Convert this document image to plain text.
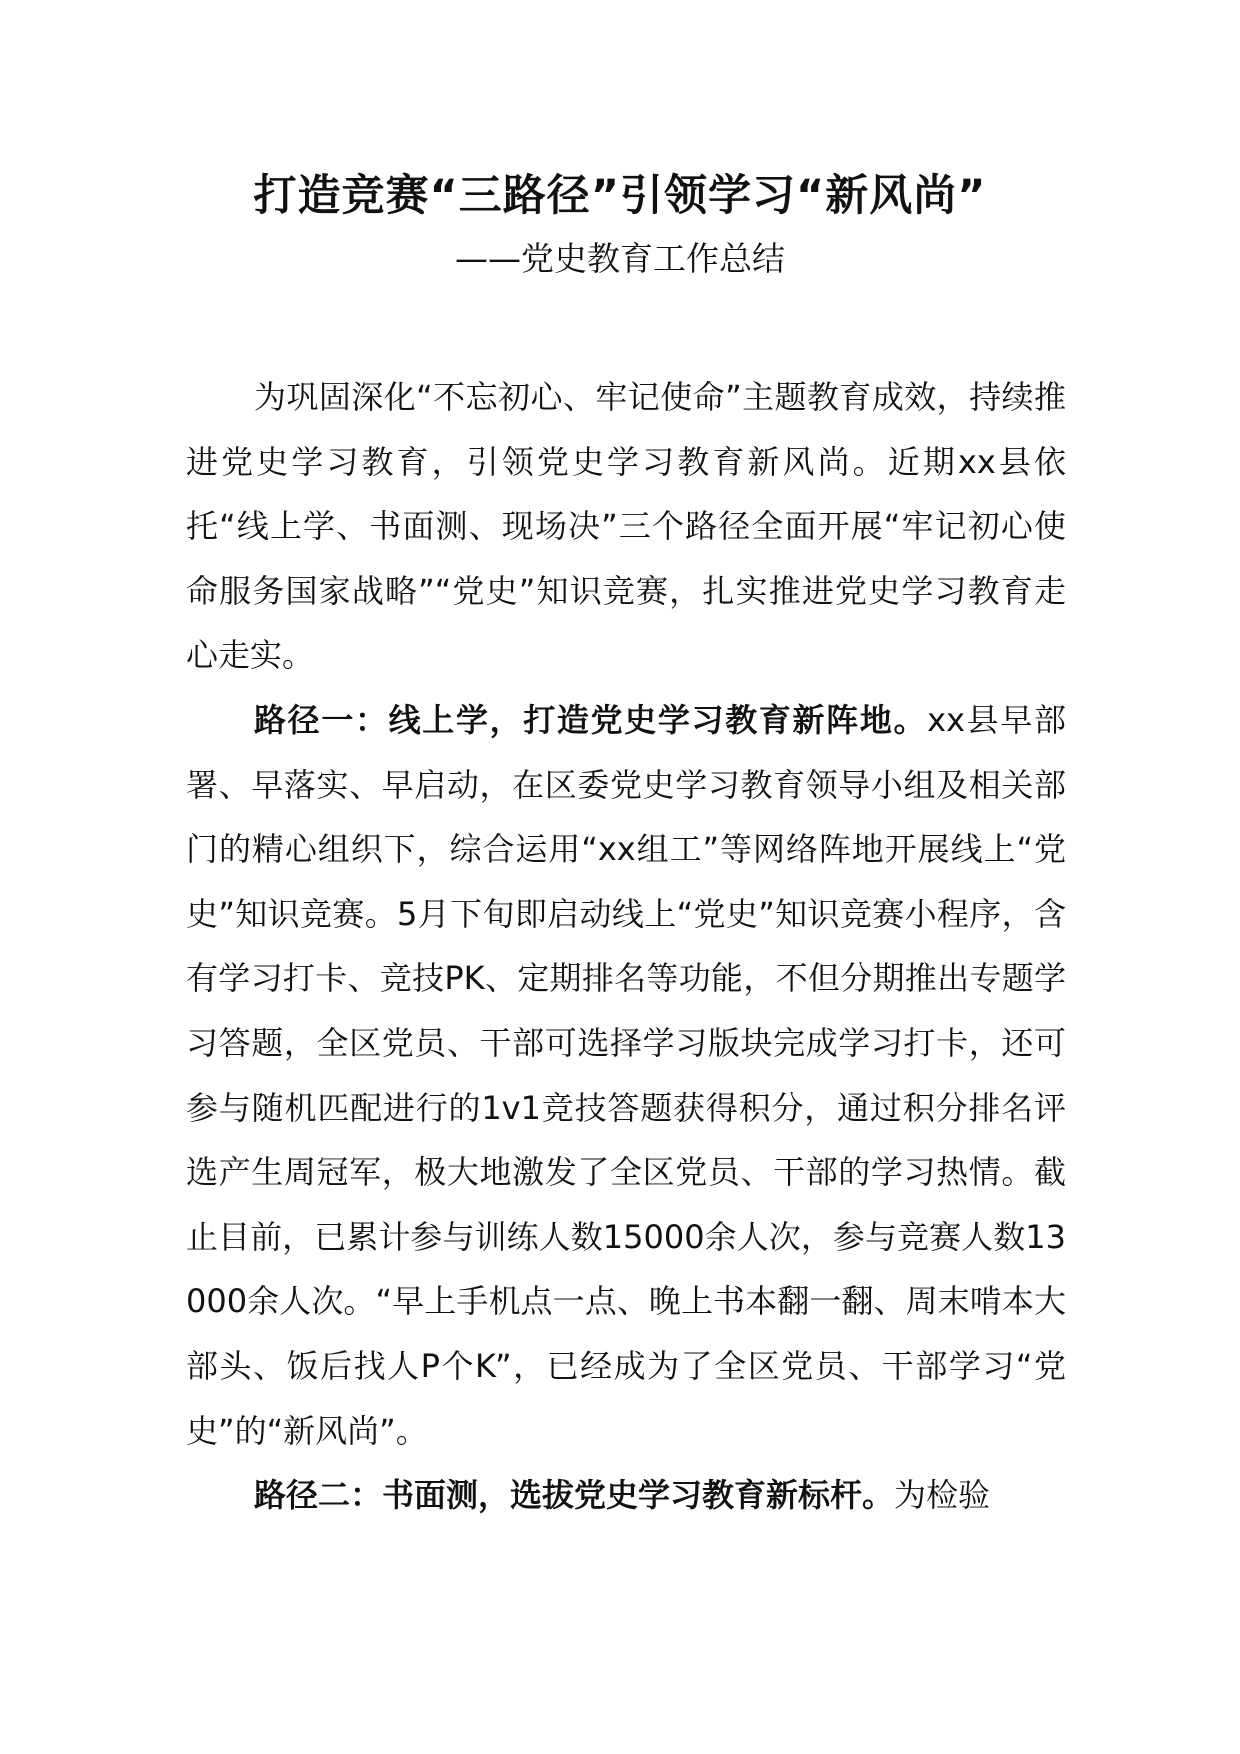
打造竞赛“三路径”引领学习“新风尚”
——党史教育工作总结

为巩固深化“不忘初心、牢记使命”主题教育成效，持续推进党史学习教育，引领党史学习教育新风尚。近期xx县依托“线上学、书面测、现场决”三个路径全面开展“牢记初心使命服务国家战略”“党史”知识竞赛，扎实推进党史学习教育走心走实。

路径一：线上学，打造党史学习教育新阵地。xx县早部署、早落实、早启动，在区委党史学习教育领导小组及相关部门的精心组织下，综合运用“xx组工”等网络阵地开展线上“党史”知识竞赛。5月下旬即启动线上“党史”知识竞赛小程序，含有学习打卡、竞技PK、定期排名等功能，不但分期推出专题学习答题，全区党员、干部可选择学习版块完成学习打卡，还可参与随机匹配进行的1v1竞技答题获得积分，通过积分排名评选产生周冠军，极大地激发了全区党员、干部的学习热情。截止目前，已累计参与训练人数15000余人次，参与竞赛人数13000余人次。“早上手机点一点、晚上书本翻一翻、周末啃本大部头、饭后找人P个K”，已经成为了全区党员、干部学习“党史”的“新风尚”。

路径二：书面测，选拔党史学习教育新标杆。为检验
